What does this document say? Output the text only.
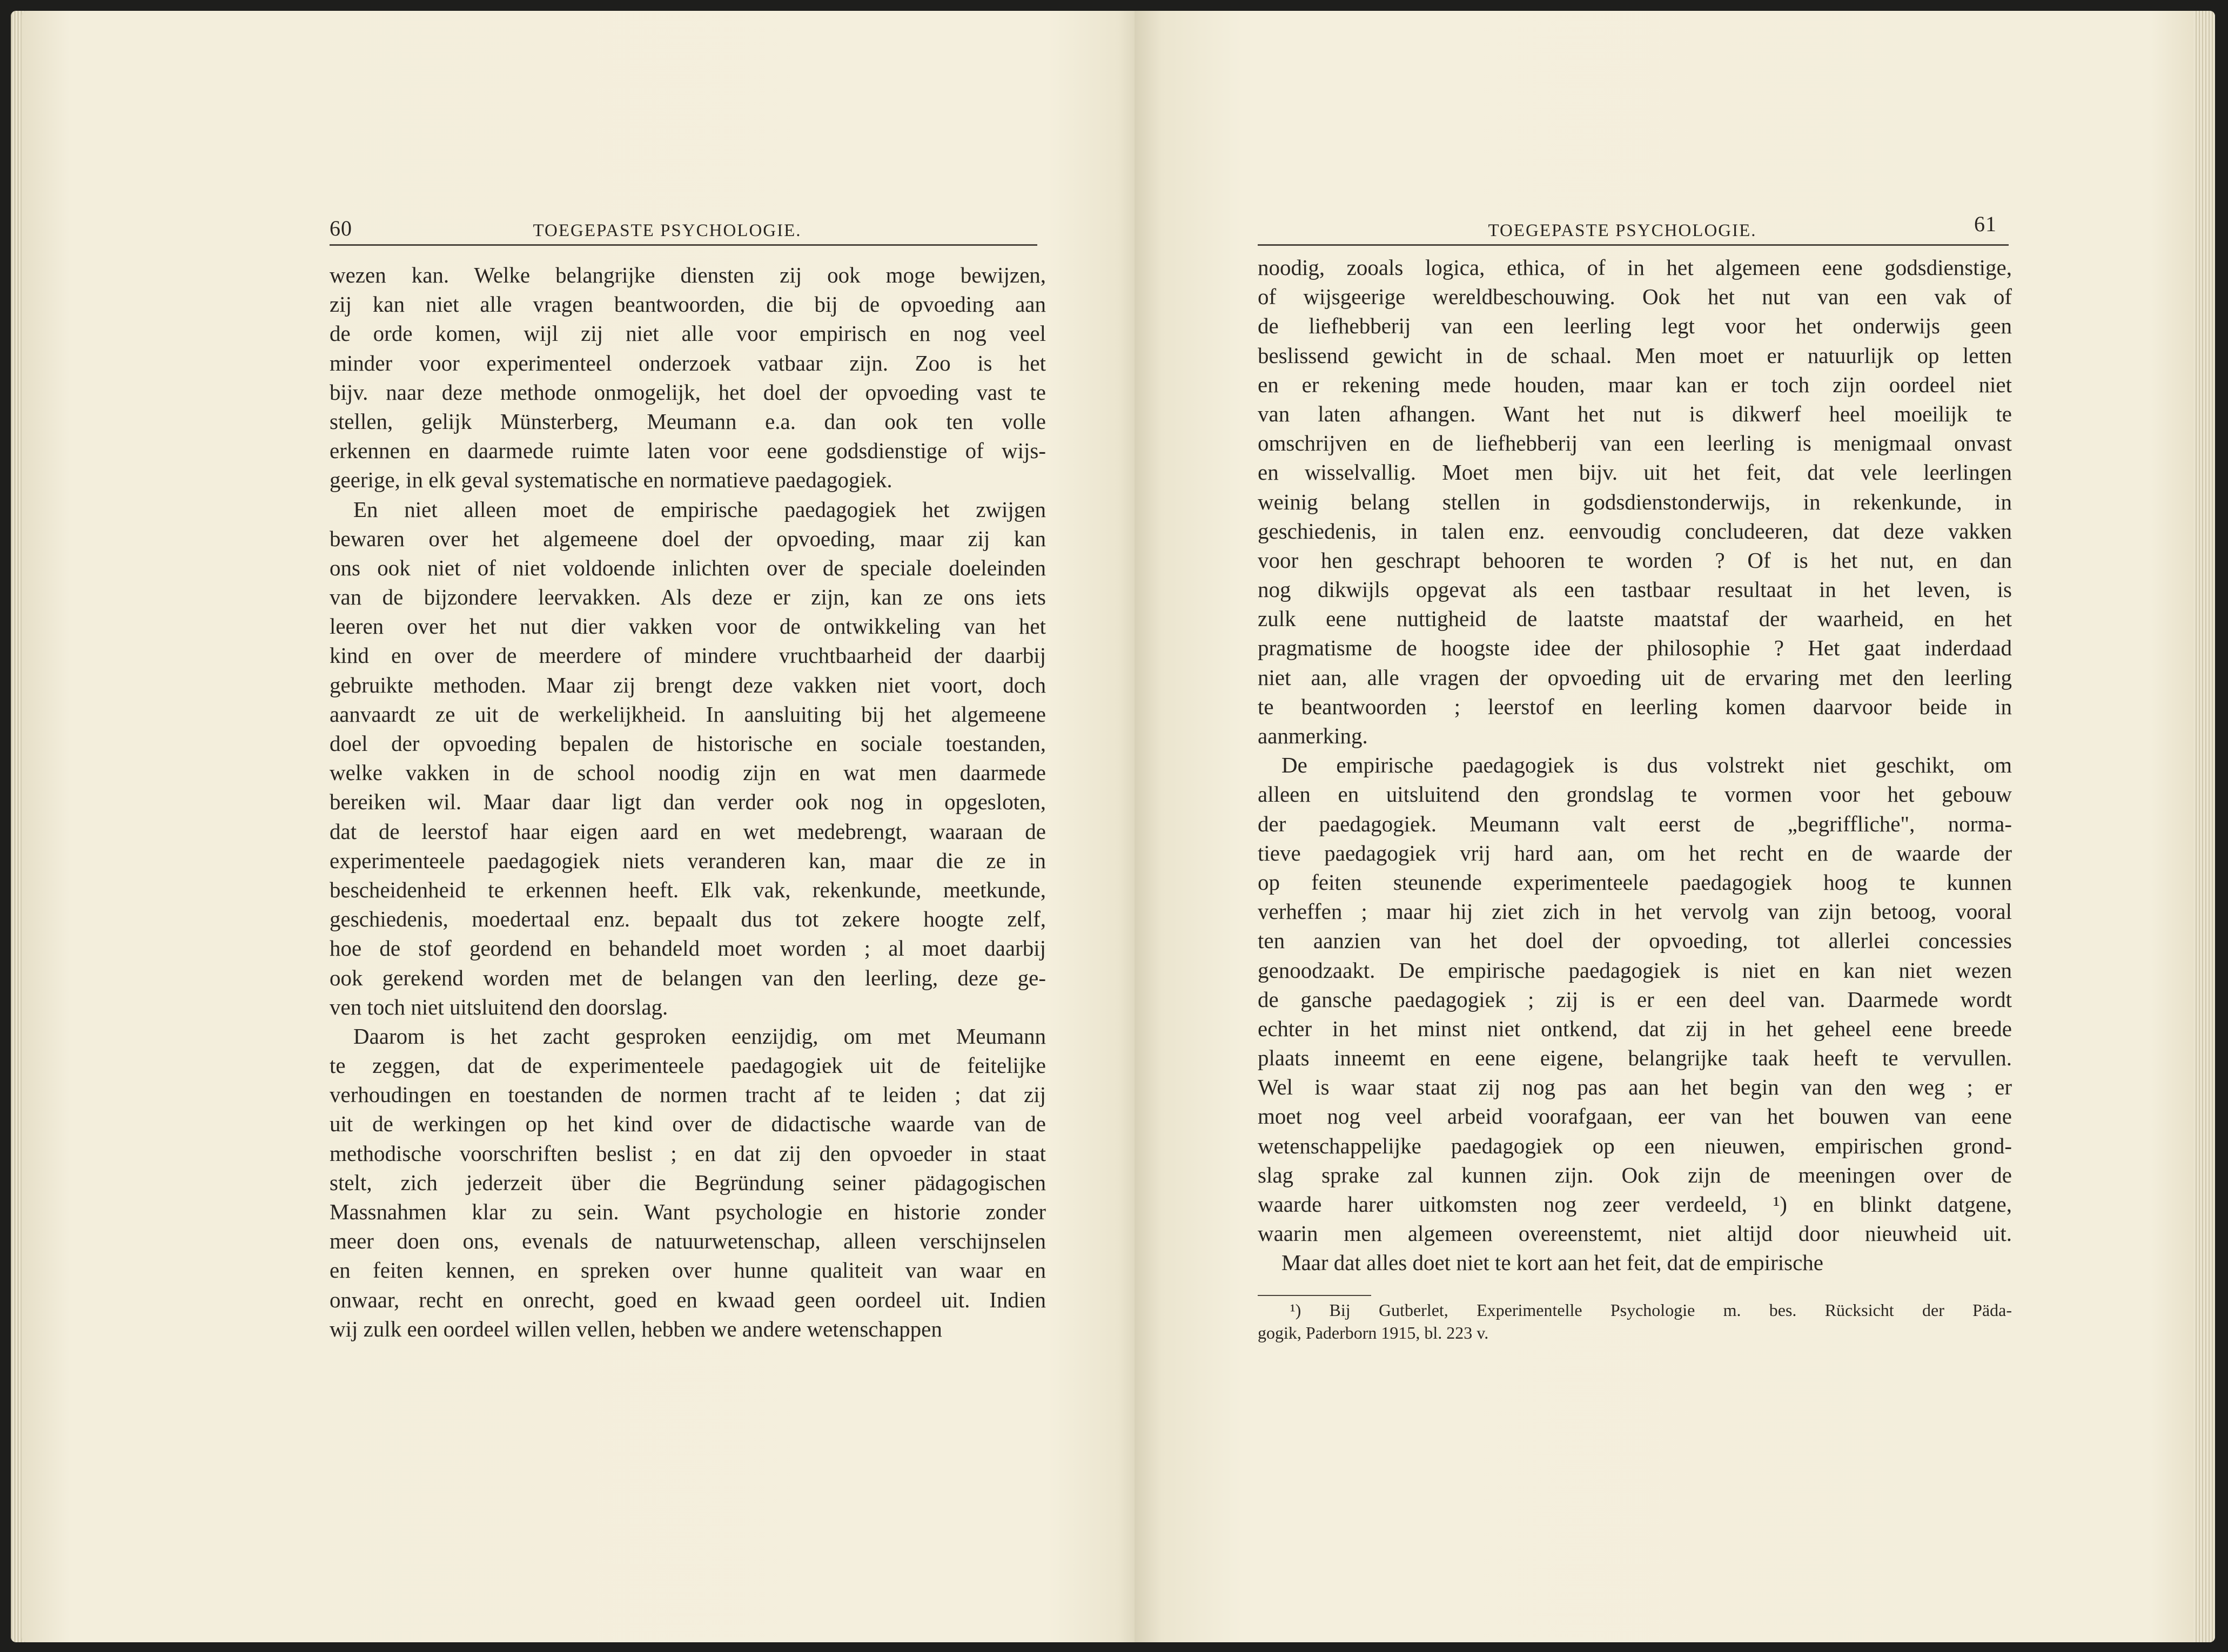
60	TOEGEPASTE PSYCHOLOGIE.
wezen kan. Welke belangrijke diensten zij ook moge bewijzen,
zij kan niet alle vragen beantwoorden, die bij de opvoeding aan
de orde komen, wijl zij niet alle voor empirisch en nog veel
minder voor experimenteel onderzoek vatbaar zijn. Zoo is het
bijv. naar deze methode onmogelijk, het doel der opvoeding vast te
stellen, gelijk Münsterberg, Meumann e.a. dan ook ten volle
erkennen en daarmede ruimte laten voor eene godsdienstige of wijs-
geerige, in elk geval systematische en normatieve paedagogiek.
En niet alleen moet de empirische paedagogiek het zwijgen
bewaren over het algemeene doel der opvoeding, maar zij kan
ons ook niet of niet voldoende inlichten over de speciale doeleinden
van de bijzondere leervakken. Als deze er zijn, kan ze ons iets
leeren over het nut dier vakken voor de ontwikkeling van het
kind en over de meerdere of mindere vruchtbaarheid der daarbij
gebruikte methoden. Maar zij brengt deze vakken niet voort, doch
aanvaardt ze uit de werkelijkheid. In aansluiting bij het algemeene
doel der opvoeding bepalen de historische en sociale toestanden,
welke vakken in de school noodig zijn en wat men daarmede
bereiken wil. Maar daar ligt dan verder ook nog in opgesloten,
dat de leerstof haar eigen aard en wet medebrengt, waaraan de
experimenteele paedagogiek niets veranderen kan, maar die ze in
bescheidenheid te erkennen heeft. Elk vak, rekenkunde, meetkunde,
geschiedenis, moedertaal enz. bepaalt dus tot zekere hoogte zelf,
hoe de stof geordend en behandeld moet worden ; al moet daarbij
ook gerekend worden met de belangen van den leerling, deze ge-
ven toch niet uitsluitend den doorslag.
Daarom is het zacht gesproken eenzijdig, om met Meumann
te zeggen, dat de experimenteele paedagogiek uit de feitelijke
verhoudingen en toestanden de normen tracht af te leiden ; dat zij
uit de werkingen op het kind over de didactische waarde van de
methodische voorschriften beslist ; en dat zij den opvoeder in staat
stelt, zich jederzeit über die Begründung seiner pädagogischen
Massnahmen klar zu sein. Want psychologie en historie zonder
meer doen ons, evenals de natuurwetenschap, alleen verschijnselen
en feiten kennen, en spreken over hunne qualiteit van waar en
onwaar, recht en onrecht, goed en kwaad geen oordeel uit. Indien
wij zulk een oordeel willen vellen, hebben we andere wetenschappen
TOEGEPASTE PSYCHOLOGIE.	61
noodig, zooals logica, ethica, of in het algemeen eene godsdienstige,
of wijsgeerige wereldbeschouwing. Ook het nut van een vak of
de liefhebberij van een leerling legt voor het onderwijs geen
beslissend gewicht in de schaal. Men moet er natuurlijk op letten
en er rekening mede houden, maar kan er toch zijn oordeel niet
van laten afhangen. Want het nut is dikwerf heel moeilijk te
omschrijven en de liefhebberij van een leerling is menigmaal onvast
en wisselvallig. Moet men bijv. uit het feit, dat vele leerlingen
weinig belang stellen in godsdienstonderwijs, in rekenkunde, in
geschiedenis, in talen enz. eenvoudig concludeeren, dat deze vakken
voor hen geschrapt behooren te worden ? Of is het nut, en dan
nog dikwijls opgevat als een tastbaar resultaat in het leven, is
zulk eene nuttigheid de laatste maatstaf der waarheid, en het
pragmatisme de hoogste idee der philosophie ? Het gaat inderdaad
niet aan, alle vragen der opvoeding uit de ervaring met den leerling
te beantwoorden ; leerstof en leerling komen daarvoor beide in
aanmerking.
De empirische paedagogiek is dus volstrekt niet geschikt, om
alleen en uitsluitend den grondslag te vormen voor het gebouw
der paedagogiek. Meumann valt eerst de „begriffliche", norma-
tieve paedagogiek vrij hard aan, om het recht en de waarde der
op feiten steunende experimenteele paedagogiek hoog te kunnen
verheffen ; maar hij ziet zich in het vervolg van zijn betoog, vooral
ten aanzien van het doel der opvoeding, tot allerlei concessies
genoodzaakt. De empirische paedagogiek is niet en kan niet wezen
de gansche paedagogiek ; zij is er een deel van. Daarmede wordt
echter in het minst niet ontkend, dat zij in het geheel eene breede
plaats inneemt en eene eigene, belangrijke taak heeft te vervullen.
Wel is waar staat zij nog pas aan het begin van den weg ; er
moet nog veel arbeid voorafgaan, eer van het bouwen van eene
wetenschappelijke paedagogiek op een nieuwen, empirischen grond-
slag sprake zal kunnen zijn. Ook zijn de meeningen over de
waarde harer uitkomsten nog zeer verdeeld, ¹) en blinkt datgene,
waarin men algemeen overeenstemt, niet altijd door nieuwheid uit.
Maar dat alles doet niet te kort aan het feit, dat de empirische
¹) Bij Gutberlet, Experimentelle Psychologie m. bes. Rücksicht der Päda-
gogik, Paderborn 1915, bl. 223 v.
